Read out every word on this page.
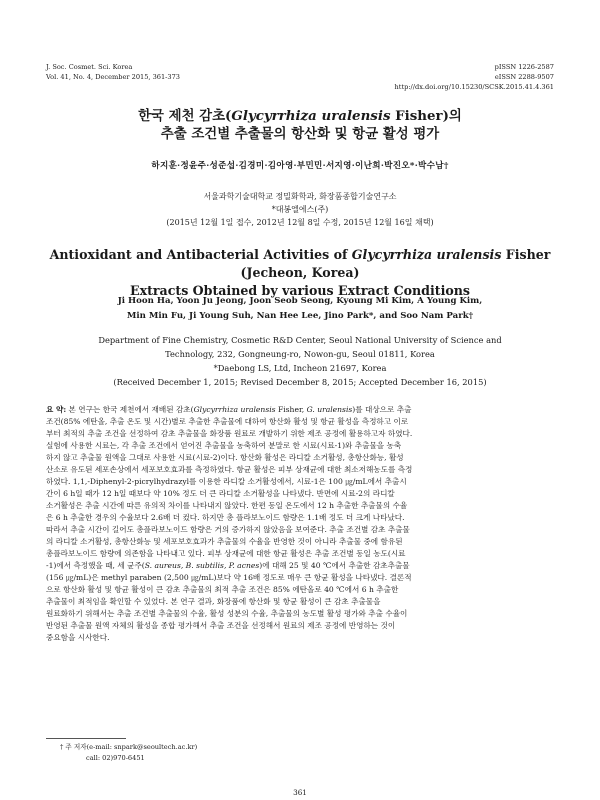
J. Soc. Cosmet. Sci. Korea
Vol. 41, No. 4, December 2015, 361-373
pISSN 1226-2587
eISSN 2288-9507
http://dx.doi.org/10.15230/SCSK.2015.41.4.361
한국 제천 감초(Glycyrrhiza uralensis Fisher)의
추출 조건별 추출물의 항산화 및 항균 활성 평가
하지훈·정윤주·성준섭·김경미·김아영·부민민·서지영·이난희·박진오*·박수남†
서울과학기술대학교 정밀화학과, 화장품종합기술연구소
*대봉엘에스(주)
(2015년 12월 1일 접수, 2012년 12월 8일 수정, 2015년 12월 16일 채택)
Antioxidant and Antibacterial Activities of Glycyrrhiza uralensis Fisher (Jecheon, Korea)
Extracts Obtained by various Extract Conditions
Ji Hoon Ha, Yoon Ju Jeong, Joon Seob Seong, Kyoung Mi Kim, A Young Kim,
Min Min Fu, Ji Young Suh, Nan Hee Lee, Jino Park*, and Soo Nam Park†
Department of Fine Chemistry, Cosmetic R&D Center, Seoul National University of Science and
Technology, 232, Gongneung-ro, Nowon-gu, Seoul 01811, Korea
*Daebong LS, Ltd, Incheon 21697, Korea
(Received December 1, 2015; Revised December 8, 2015; Accepted December 16, 2015)
요 약: 본 연구는 한국 제천에서 재배된 감초(Glycyrrhiza uralensis Fisher, G. uralensis)를 대상으로 추출
조건(85% 에탄올, 추출 온도 및 시간)별로 추출한 추출물에 대하여 항산화 활성 및 항균 활성을 측정하고 이로
부터 최적의 추출 조건을 선정하여 감초 추출물을 화장품 원료로 개발하기 위한 제조 공정에 활용하고자 하였다.
실험에 사용한 시료는, 각 추출 조건에서 얻어진 추출물을 농축하여 분말로 한 시료(시료-1)와 추출물을 농축
하지 않고 추출물 원액을 그대로 사용한 시료(시료-2)이다. 항산화 활성은 라디칼 소거활성, 총항산화능, 활성
산소로 유도된 세포손상에서 세포보호효과를 측정하였다. 항균 활성은 피부 상재균에 대한 최소저해농도를 측정
하였다. 1,1,-Diphenyl-2-picrylhydrazyl를 이용한 라디칼 소거활성에서, 시료-1은 100 ㎍/mL에서 추출시
간이 6 h일 때가 12 h일 때보다 약 10% 정도 더 큰 라디칼 소거활성을 나타냈다. 반면에 시료-2의 라디칼
소거활성은 추출 시간에 따른 유의적 차이를 나타내지 않았다. 한편 동일 온도에서 12 h 추출한 추출물의 수율
은 6 h 추출한 경우의 수율보다 2.6배 더 컸다. 하지만 총 플라보노이드 함량은 1.1배 정도 더 크게 나타났다.
따라서 추출 시간이 길어도 총플라보노이드 함량은 거의 증가하지 않았음을 보여준다. 추출 조건별 감초 추출물
의 라디칼 소거활성, 총항산화능 및 세포보호효과가 추출물의 수율을 반영한 것이 아니라 추출물 중에 함유된
총플라보노이드 함량에 의존함을 나타내고 있다. 피부 상재균에 대한 항균 활성은 추출 조건별 동일 농도(시료
-1)에서 측정했을 때, 세 균주(S. aureus, B. subtilis, P. acnes)에 대해 25 및 40 ℃에서 추출한 감초추출물
(156 ㎍/mL)은 methyl paraben (2,500 ㎍/mL)보다 약 16배 정도로 매우 큰 항균 활성을 나타냈다. 결론적
으로 항산화 활성 및 항균 활성이 큰 감초 추출물의 최적 추출 조건은 85% 에탄올로 40 ℃에서 6 h 추출한
추출물이 최적임을 확인할 수 있었다. 본 연구 결과, 화장품에 항산화 및 항균 활성이 큰 감초 추출물을
원료화하기 위해서는 추출 조건별 추출물의 수율, 활성 성분의 수율, 추출물의 농도별 활성 평가와 추출 수율이
반영된 추출물 원액 자체의 활성을 종합 평가해서 추출 조건을 선정해서 원료의 제조 공정에 반영하는 것이
중요함을 시사한다.
† 주 저자(e-mail: snpark@seoultech.ac.kr)
call: 02)970-6451
361
